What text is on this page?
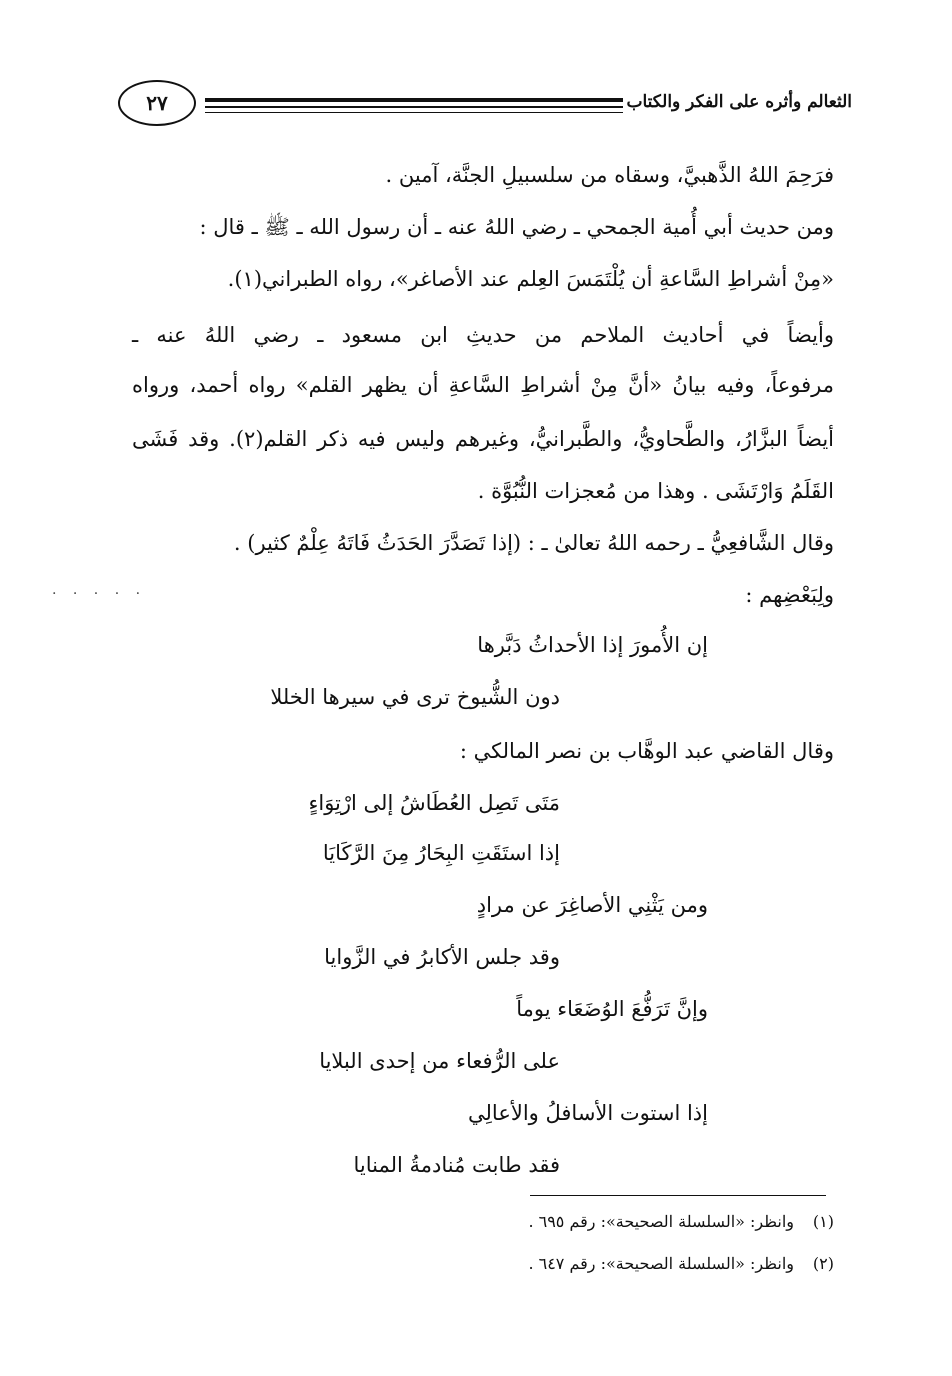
الثعالم وأثره على الفكر والكتاب
٢٧
فرَحِمَ اللهُ الذَّهبيَّ، وسقاه من سلسبيلِ الجنَّة، آمين .
ومن حديث أبي أُمية الجمحي ـ رضي اللهُ عنه ـ أن رسول الله ـ ﷺ ـ قال :
«مِنْ أشراطِ السَّاعةِ أن يُلْتَمَسَ العِلم عند الأصاغر»، رواه الطبراني(١).
وأيضاً في أحاديث الملاحم من حديثِ ابن مسعود ـ رضي اللهُ عنه ـ
مرفوعاً، وفيه بيانُ «أنَّ مِنْ أشراطِ السَّاعةِ أن يظهر القلم» رواه أحمد، ورواه
أيضاً البزَّارُ، والطَّحاويُّ، والطَّبرانيُّ، وغيرهم وليس فيه ذكر القلم(٢). وقد فَشَى
القَلَمُ وَارْتَشَى . وهذا من مُعجزات النُّبُوَّة .
وقال الشَّافعِيُّ ـ رحمه اللهُ تعالىٰ ـ : (إذا تَصَدَّرَ الحَدَثُ فَاتَهُ عِلْمٌ كثير) .
ولِبَعْضِهم :
إن الأُمورَ إذا الأحداثُ دَبَّرها
دون الشُّيوخ ترى في سيرها الخللا
وقال القاضي عبد الوهَّاب بن نصر المالكي :
مَتَى تَصِل العُطَاشُ إلى ارْتِوَاءٍ
إذا استَقَتِ البِحَارُ مِنَ الرَّكَايَا
ومن يَثْنِي الأصاغِرَ عن مرادٍ
وقد جلس الأكابرُ في الزَّوايا
وإنَّ تَرَفُّعَ الوُضَعَاء يوماً
على الرُّفعاء من إحدى البلايا
إذا استوت الأسافلُ والأعالِي
فقد طابت مُنادمةُ المنايا
(١)وانظر: «السلسلة الصحيحة»: رقم ٦٩٥ .
(٢)وانظر: «السلسلة الصحيحة»: رقم ٦٤٧ .
. . . . .
